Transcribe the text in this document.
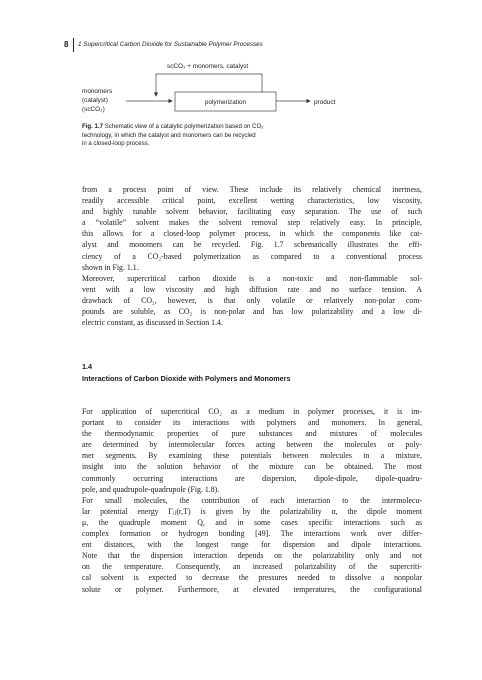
8 1 Supercritical Carbon Dioxide for Sustainable Polymer Processes
scCO₂ + monomers, catalyst
monomers
(catalyst)
(scCO₂)
polymerization	product
Fig. 1.7 Schematic view of a catalytic polymerization based on CO₂
technology, in which the catalyst and monomers can be recycled
in a closed-loop process.
from a process point of view. These include its relatively chemical inertness,
readily accessible critical point, excellent wetting characteristics, low viscosity,
and highly tunable solvent behavior, facilitating easy separation. The use of such
a “volatile” solvent makes the solvent removal step relatively easy. In principle,
this allows for a closed-loop polymer process, in which the components like cat-
alyst and monomers can be recycled. Fig. 1.7 schematically illustrates the effi-
ciency of a CO₂-based polymerization as compared to a conventional process
shown in Fig. 1.1.
Moreover, supercritical carbon dioxide is a non-toxic and non-flammable sol-
vent with a low viscosity and high diffusion rate and no surface tension. A
drawback of CO₂, however, is that only volatile or relatively non-polar com-
pounds are soluble, as CO₂ is non-polar and has low polarizability and a low di-
electric constant, as discussed in Section 1.4.
1.4
Interactions of Carbon Dioxide with Polymers and Monomers
For application of supercritical CO₂ as a medium in polymer processes, it is im-
portant to consider its interactions with polymers and monomers. In general,
the thermodynamic properties of pure substances and mixtures of molecules
are determined by intermolecular forces acting between the molecules or poly-
mer segments. By examining these potentials between molecules in a mixture,
insight into the solution behavior of the mixture can be obtained. The most
commonly occurring interactions are dispersion, dipole-dipole, dipole-quadru-
pole, and quadrupole-quadrupole (Fig. 1.8).
For small molecules, the contribution of each interaction to the intermolecu-
lar potential energy Γᵢⱼ(r,T) is given by the polarizability α, the dipole moment
μ, the quadruple moment Q, and in some cases specific interactions such as
complex formation or hydrogen bonding [49]. The interactions work over differ-
ent distances, with the longest range for dispersion and dipole interactions.
Note that the dispersion interaction depends on the polarizability only and not
on the temperature. Consequently, an increased polarizability of the supercriti-
cal solvent is expected to decrease the pressures needed to dissolve a nonpolar
solute or polymer. Furthermore, at elevated temperatures, the configurational
